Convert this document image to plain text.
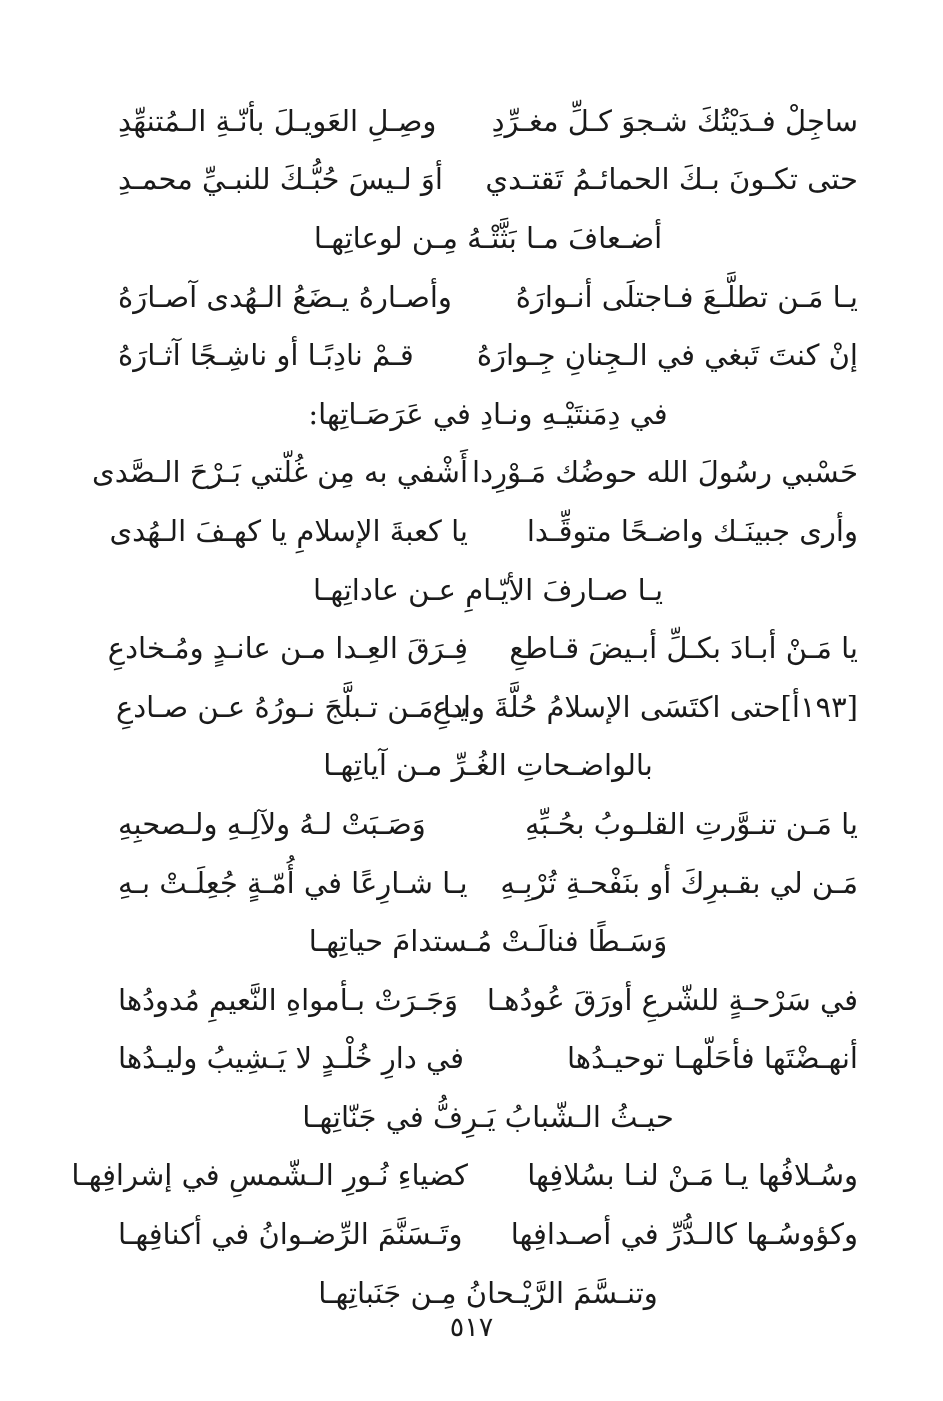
ساجِلْ فـدَيْتُكَ شـجوَ كـلِّ مغـرِّدِ
وصِـلِ العَويـلَ بأنّـةِ الـمُتنهِّدِ
حتى تكـونَ بـكَ الحمائـمُ تَقتـدي
أوَ لـيسَ حُبُّـكَ للنبـيِّ محمـدِ
أضـعافَ مـا بَثَّتْـهُ مِـن لوعاتِهـا
يـا مَـن تطلَّـعَ فـاجتلَى أنـوارَهُ
وأصـارهُ يـضَعُ الـهُدى آصـارَهُ
إنْ كنتَ تَبغي في الـجِنانِ جِـوارَهُ
قـمْ نادِبًـا أو ناشِـجًا آثـارَهُ
في دِمَنتَيْـهِ ونـادِ في عَرَصَـاتِها:
حَسْبي رسُولَ الله حوضُك مَـوْرِدا
أَشْفي به مِن غُلّتي بَـرْحَ الـصَّدى
وأرى جبينَـك واضـحًا متوقِّـدا
يا كعبةَ الإسلامِ يا كهـفَ الـهُدى
يـا صـارفَ الأيّـامِ عـن عاداتِهـا
يا مَـنْ أبـادَ بكـلِّ أبـيضَ قـاطعِ
فِـرَقَ العِـدا مـن عانـدٍ ومُـخادعِ
[١٩٣أ]حتى اكتَسَى الإسلامُ حُلَّةَ وادعِ
يـا مَـن تـبلَّجَ نـورُهُ عـن صـادعِ
بالواضـحاتِ الغُـرِّ مـن آياتِهـا
يا مَـن تنـوَّرتِ القلـوبُ بحُـبِّهِ
وَصَـبَتْ لـهُ ولآلِـهِ ولـصحبِهِ
مَـن لي بقـبرِكَ أو بنَفْحـةِ تُرْبِـهِ
يـا شـارِعًا في أُمّـةٍ جُعِلَـتْ بـهِ
وَسَـطًا فنالَـتْ مُـستدامَ حياتِهـا
في سَرْحـةٍ للشّرعِ أورَقَ عُودُهـا
وَجَـرَتْ بـأمواهِ النَّعيمِ مُدودُها
أنهـضْتَها فأحَلّهـا توحيـدُها
في دارِ خُلْـدٍ لا يَـشِيبُ وليـدُها
حيـثُ الـشّبابُ يَـرِفُّ في جَنّاتِهـا
وسُـلافُها يـا مَـنْ لنـا بسُلافِها
كضياءِ نُـورِ الـشّمسِ في إشرافِهـا
وكؤوسُـها كالـدُّرِّ في أصـدافِها
وتَـسَنَّمَ الرِّضـوانُ في أكنافِهـا
وتنـسَّمَ الرَّيْـحانُ مِـن جَنَباتِهـا
٥١٧
